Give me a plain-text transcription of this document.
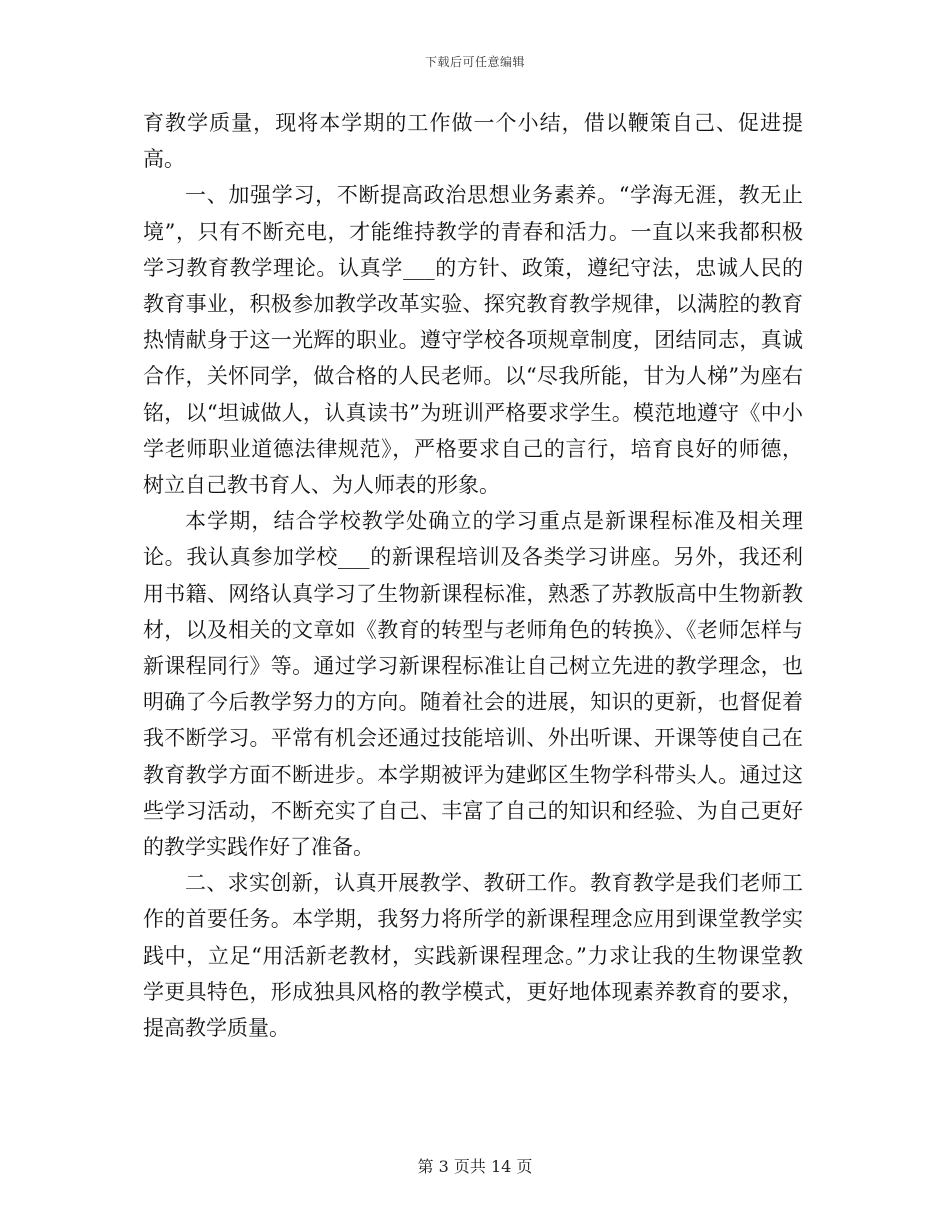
下载后可任意编辑

育教学质量，现将本学期的工作做一个小结，借以鞭策自己、促进提高。

一、加强学习，不断提高政治思想业务素养。“学海无涯，教无止境”，只有不断充电，才能维持教学的青春和活力。一直以来我都积极学习教育教学理论。认真学___的方针、政策，遵纪守法，忠诚人民的教育事业，积极参加教学改革实验、探究教育教学规律，以满腔的教育热情献身于这一光辉的职业。遵守学校各项规章制度，团结同志，真诚合作，关怀同学，做合格的人民老师。以“尽我所能，甘为人梯”为座右铭，以“坦诚做人，认真读书”为班训严格要求学生。模范地遵守《中小学老师职业道德法律规范》，严格要求自己的言行，培育良好的师德，树立自己教书育人、为人师表的形象。

本学期，结合学校教学处确立的学习重点是新课程标准及相关理论。我认真参加学校___的新课程培训及各类学习讲座。另外，我还利用书籍、网络认真学习了生物新课程标准，熟悉了苏教版高中生物新教材，以及相关的文章如《教育的转型与老师角色的转换》、《老师怎样与新课程同行》等。通过学习新课程标准让自己树立先进的教学理念，也明确了今后教学努力的方向。随着社会的进展，知识的更新，也督促着我不断学习。平常有机会还通过技能培训、外出听课、开课等使自己在教育教学方面不断进步。本学期被评为建邺区生物学科带头人。通过这些学习活动，不断充实了自己、丰富了自己的知识和经验、为自己更好的教学实践作好了准备。

二、求实创新，认真开展教学、教研工作。教育教学是我们老师工作的首要任务。本学期，我努力将所学的新课程理念应用到课堂教学实践中，立足“用活新老教材，实践新课程理念。”力求让我的生物课堂教学更具特色，形成独具风格的教学模式，更好地体现素养教育的要求，提高教学质量。

第 3 页共 14 页
